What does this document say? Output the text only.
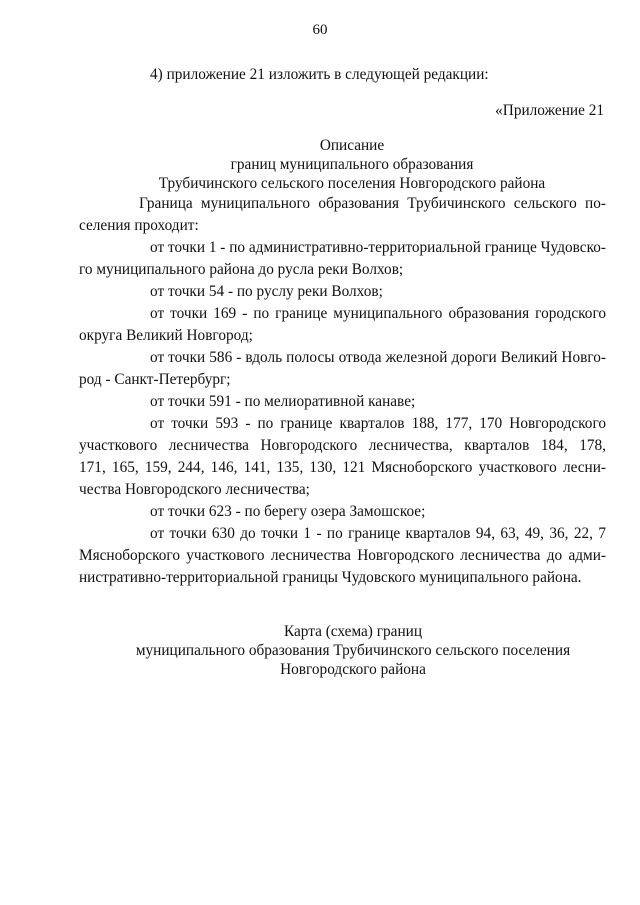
60
4) приложение 21 изложить в следующей редакции:
«Приложение 21
Описание
границ муниципального образования
Трубичинского сельского поселения Новгородского района
Граница муниципального образования Трубичинского сельского по-
селения проходит:
от точки 1 - по административно-территориальной границе Чудовско-
го муниципального района до русла реки Волхов;
от точки 54 - по руслу реки Волхов;
от точки 169 - по границе муниципального образования городского
округа Великий Новгород;
от точки 586 - вдоль полосы отвода железной дороги Великий Новго-
род - Санкт-Петербург;
от точки 591 - по мелиоративной канаве;
от точки 593 - по границе кварталов 188, 177, 170 Новгородского
участкового лесничества Новгородского лесничества, кварталов 184, 178,
171, 165, 159, 244, 146, 141, 135, 130, 121 Мясноборского участкового лесни-
чества Новгородского лесничества;
от точки 623 - по берегу озера Замошское;
от точки 630 до точки 1 - по границе кварталов 94, 63, 49, 36, 22, 7
Мясноборского участкового лесничества Новгородского лесничества до адми-
нистративно-территориальной границы Чудовского муниципального района.
Карта (схема) границ
муниципального образования Трубичинского сельского поселения
Новгородского района
